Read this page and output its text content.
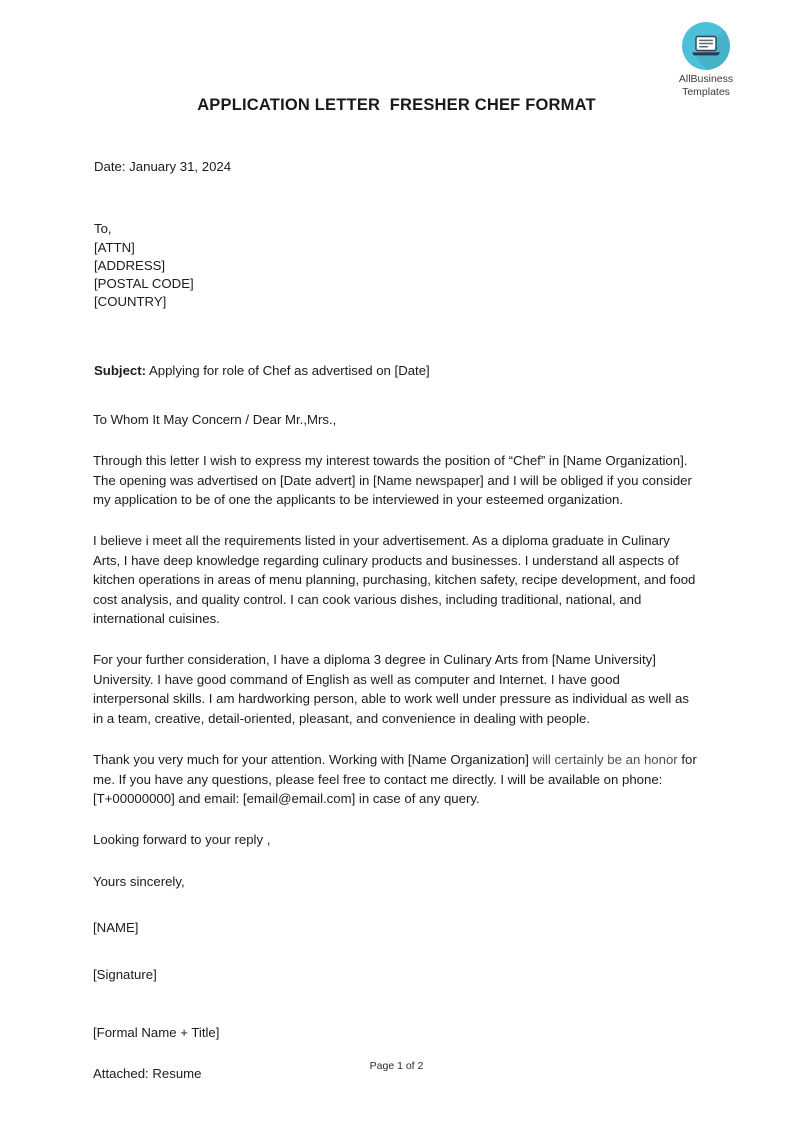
AllBusiness
Templates
APPLICATION LETTER  FRESHER CHEF FORMAT
Date: January 31, 2024
To,
[ATTN]
[ADDRESS]
[POSTAL CODE]
[COUNTRY]
Subject: Applying for role of Chef as advertised on [Date]
To Whom It May Concern / Dear Mr.,Mrs.,

Through this letter I wish to express my interest towards the position of “Chef” in [Name Organization]. The opening was advertised on [Date advert] in [Name newspaper] and I will be obliged if you consider my application to be of one the applicants to be interviewed in your esteemed organization.

I believe i meet all the requirements listed in your advertisement. As a diploma graduate in Culinary Arts, I have deep knowledge regarding culinary products and businesses. I understand all aspects of kitchen operations in areas of menu planning, purchasing, kitchen safety, recipe development, and food cost analysis, and quality control. I can cook various dishes, including traditional, national, and international cuisines.

For your further consideration, I have a diploma 3 degree in Culinary Arts from [Name University] University. I have good command of English as well as computer and Internet. I have good interpersonal skills. I am hardworking person, able to work well under pressure as individual as well as in a team, creative, detail-oriented, pleasant, and convenience in dealing with people.

Thank you very much for your attention. Working with [Name Organization] will certainly be an honor for me. If you have any questions, please feel free to contact me directly. I will be available on phone: [T+00000000] and email: [email@email.com] in case of any query.

Looking forward to your reply ,
Yours sincerely,
[NAME]
[Signature]
[Formal Name + Title]
Attached: Resume
Page 1 of 2
